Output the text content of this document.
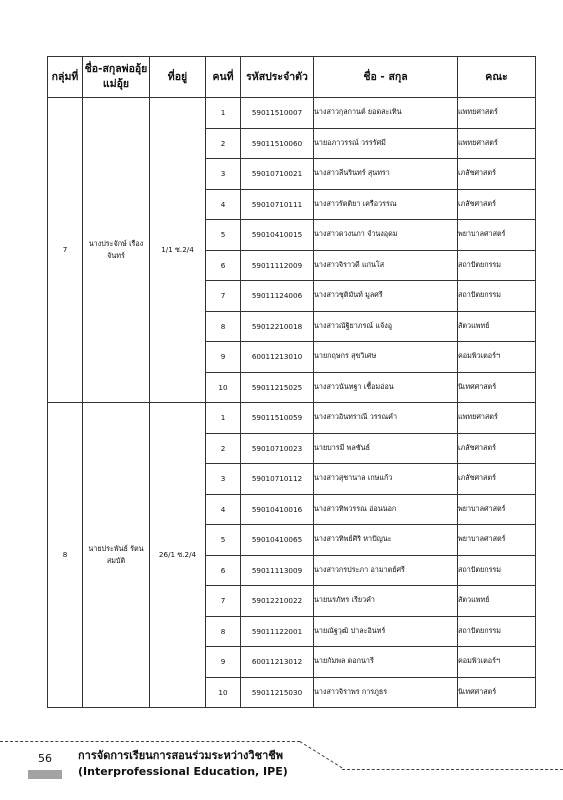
กลุ่มที่	ชื่อ-สกุลพ่ออุ้ยแม่อุ้ย	ที่อยู่	คนที่	รหัสประจำตัว	ชื่อ - สกุล	คณะ
7	นางประจักษ์ เรืองจันทร์	1/1 ซ.2/4	1	59011510007	นางสาวกุลกานต์ ยอดสะเทิน	แพทยศาสตร์
			2	59011510060	นายอภาวรรณ์ วรรรัศมี	แพทยศาสตร์
			3	59010710021	นางสาวลีนรินทร์ สุนทรา	เภสัชศาสตร์
			4	59010710111	นางสาวรัตติยา เครือวรรณ	เภสัชศาสตร์
			5	59010410015	นางสาวดวงนภา จำนงอุดม	พยาบาลศาสตร์
			6	59011112009	นางสาวจิราวดี แก่นโส	สถาปัตยกรรม
			7	59011124006	นางสาวชุติมันท์ มูลศรี	สถาปัตยกรรม
			8	59012210018	นางสาวณัฐิยาภรณ์ แจ้งอู	สัตวแพทย์
			9	60011213010	นายกฤษกร สุขวิเศษ	คอมพิวเตอร์ฯ
			10	59011215025	นางสาวนันทฐา เชื้อมอ่อน	นิเทศศาสตร์
8	นายประพันธ์ รัตนสมบัติ	26/1 ซ.2/4	1	59011510059	นางสาวอินทราณี วรรณคำ	แพทยศาสตร์
			2	59010710023	นายบารมี พลชันธ์	เภสัชศาสตร์
			3	59010710112	นางสาวสุชานาล เกษแก้ว	เภสัชศาสตร์
			4	59010410016	นางสาวทิพวรรณ อ่อนนอก	พยาบาลศาสตร์
			5	59010410065	นางสาวทิพย์ศิริ หาปัญนะ	พยาบาลศาสตร์
			6	59011113009	นางสาวกรประภา อามาตย์ศรี	สถาปัตยกรรม
			7	59012210022	นายนรภัทร เรียวคำ	สัตวแพทย์
			8	59011122001	นายณัฐวุฒิ ปาละอินทร์	สถาปัตยกรรม
			9	60011213012	นายกัมพล ดอกนารี	คอมพิวเตอร์ฯ
			10	59011215030	นางสาวจิราพร การภูธร	นิเทศศาสตร์
56	การจัดการเรียนการสอนร่วมระหว่างวิชาชีพ
(Interprofessional Education, IPE)
